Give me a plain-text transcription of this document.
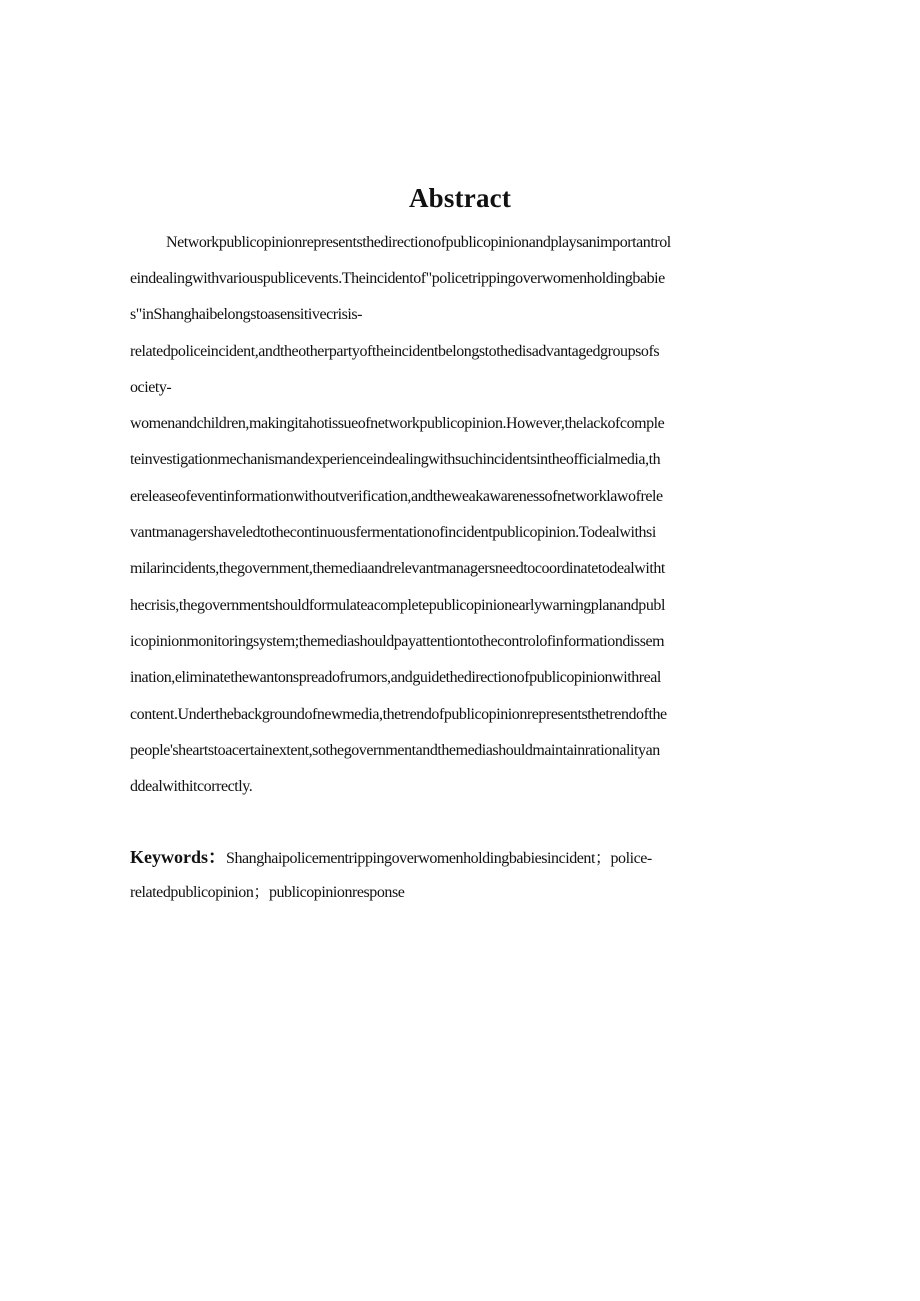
Abstract
Networkpublicopinionrepresentsthedirectionofpublicopinionandplaysanimportantrol
eindealingwithvariouspublicevents.Theincidentof"policetrippingoverwomenholdingbabie
s"inShanghaibelongstoasensitivecrisis-
relatedpoliceincident,andtheotherpartyoftheincidentbelongstothedisadvantagedgroupsofs
ociety-
womenandchildren,makingitahotissueofnetworkpublicopinion.However,thelackofcomple
teinvestigationmechanismandexperienceindealingwithsuchincidentsintheofficialmedia,th
ereleaseofeventinformationwithoutverification,andtheweakawarenessofnetworklawofrele
vantmanagershaveledtothecontinuousfermentationofincidentpublicopinion.Todealwithsi
milarincidents,thegovernment,themediaandrelevantmanagersneedtocoordinatetodealwitht
hecrisis,thegovernmentshouldformulateacompletepublicopinionearlywarningplanandpubl
icopinionmonitoringsystem;themediashouldpayattentiontothecontrolofinformationdissem
ination,eliminatethewantonspreadofrumors,andguidethedirectionofpublicopinionwithreal
content.Underthebackgroundofnewmedia,thetrendofpublicopinionrepresentsthetrendofthe
people'sheartstoacertainextent,sothegovernmentandthemediashouldmaintainrationalityan
ddealwithitcorrectly.
Keywords：Shanghaipolicementrippingoverwomenholdingbabiesincident；police-
relatedpublicopinion；publicopinionresponse
